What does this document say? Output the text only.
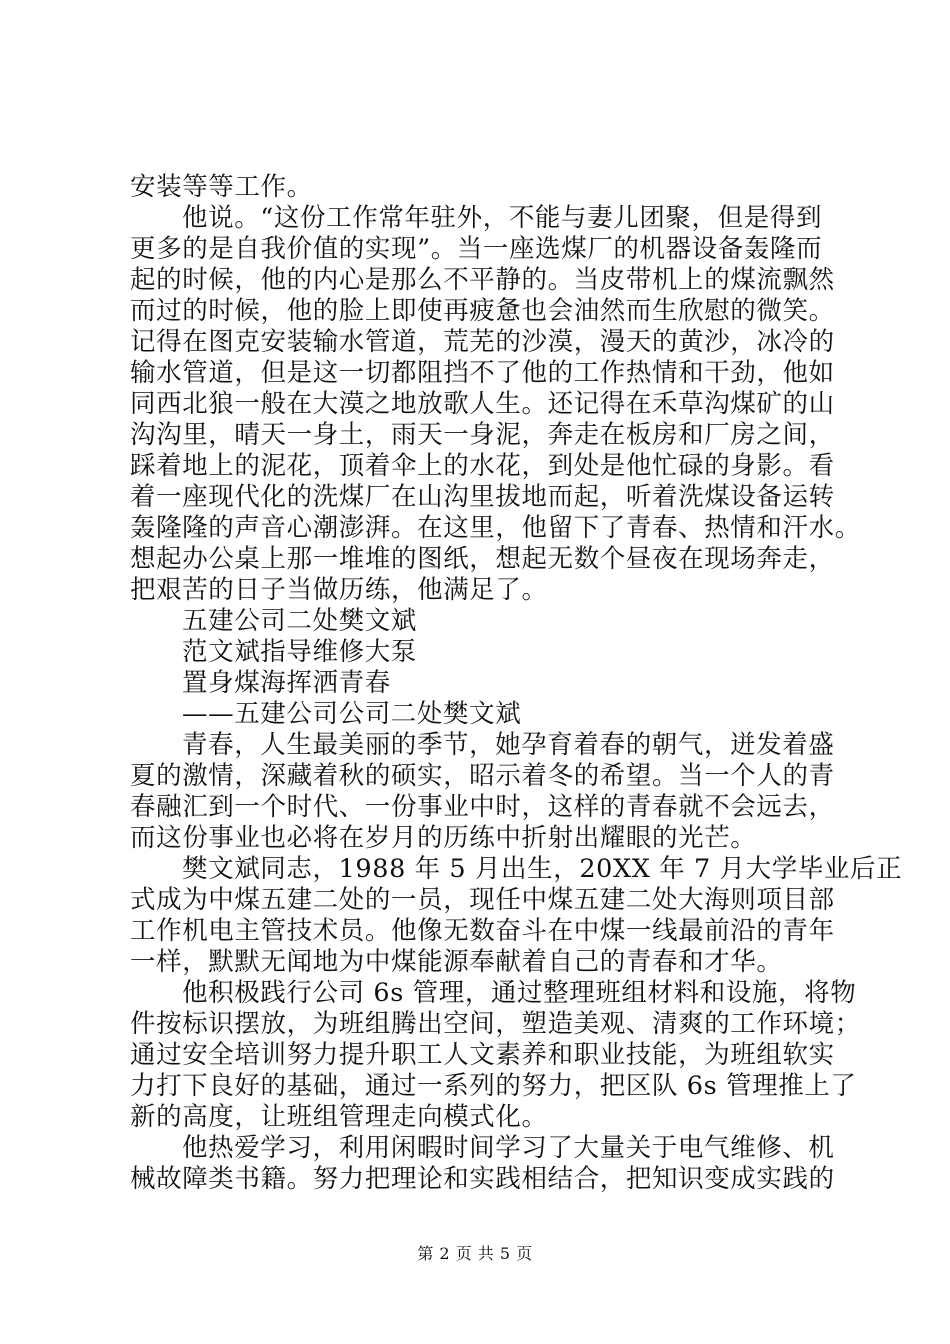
安装等等工作。
他说。“这份工作常年驻外，不能与妻儿团聚，但是得到
更多的是自我价值的实现”。当一座选煤厂的机器设备轰隆而
起的时候，他的内心是那么不平静的。当皮带机上的煤流飘然
而过的时候，他的脸上即使再疲惫也会油然而生欣慰的微笑。
记得在图克安装输水管道，荒芜的沙漠，漫天的黄沙，冰冷的
输水管道，但是这一切都阻挡不了他的工作热情和干劲，他如
同西北狼一般在大漠之地放歌人生。还记得在禾草沟煤矿的山
沟沟里，晴天一身土，雨天一身泥，奔走在板房和厂房之间，
踩着地上的泥花，顶着伞上的水花，到处是他忙碌的身影。看
着一座现代化的洗煤厂在山沟里拔地而起，听着洗煤设备运转
轰隆隆的声音心潮澎湃。在这里，他留下了青春、热情和汗水。
想起办公桌上那一堆堆的图纸，想起无数个昼夜在现场奔走，
把艰苦的日子当做历练，他满足了。
五建公司二处樊文斌
范文斌指导维修大泵
置身煤海挥洒青春
——五建公司公司二处樊文斌
青春，人生最美丽的季节，她孕育着春的朝气，迸发着盛
夏的激情，深藏着秋的硕实，昭示着冬的希望。当一个人的青
春融汇到一个时代、一份事业中时，这样的青春就不会远去，
而这份事业也必将在岁月的历练中折射出耀眼的光芒。
樊文斌同志，1988 年 5 月出生，20XX 年 7 月大学毕业后正
式成为中煤五建二处的一员，现任中煤五建二处大海则项目部
工作机电主管技术员。他像无数奋斗在中煤一线最前沿的青年
一样，默默无闻地为中煤能源奉献着自己的青春和才华。
他积极践行公司 6s 管理，通过整理班组材料和设施，将物
件按标识摆放，为班组腾出空间，塑造美观、清爽的工作环境；
通过安全培训努力提升职工人文素养和职业技能，为班组软实
力打下良好的基础，通过一系列的努力，把区队 6s 管理推上了
新的高度，让班组管理走向模式化。
他热爱学习，利用闲暇时间学习了大量关于电气维修、机
械故障类书籍。努力把理论和实践相结合，把知识变成实践的
第 2 页 共 5 页
